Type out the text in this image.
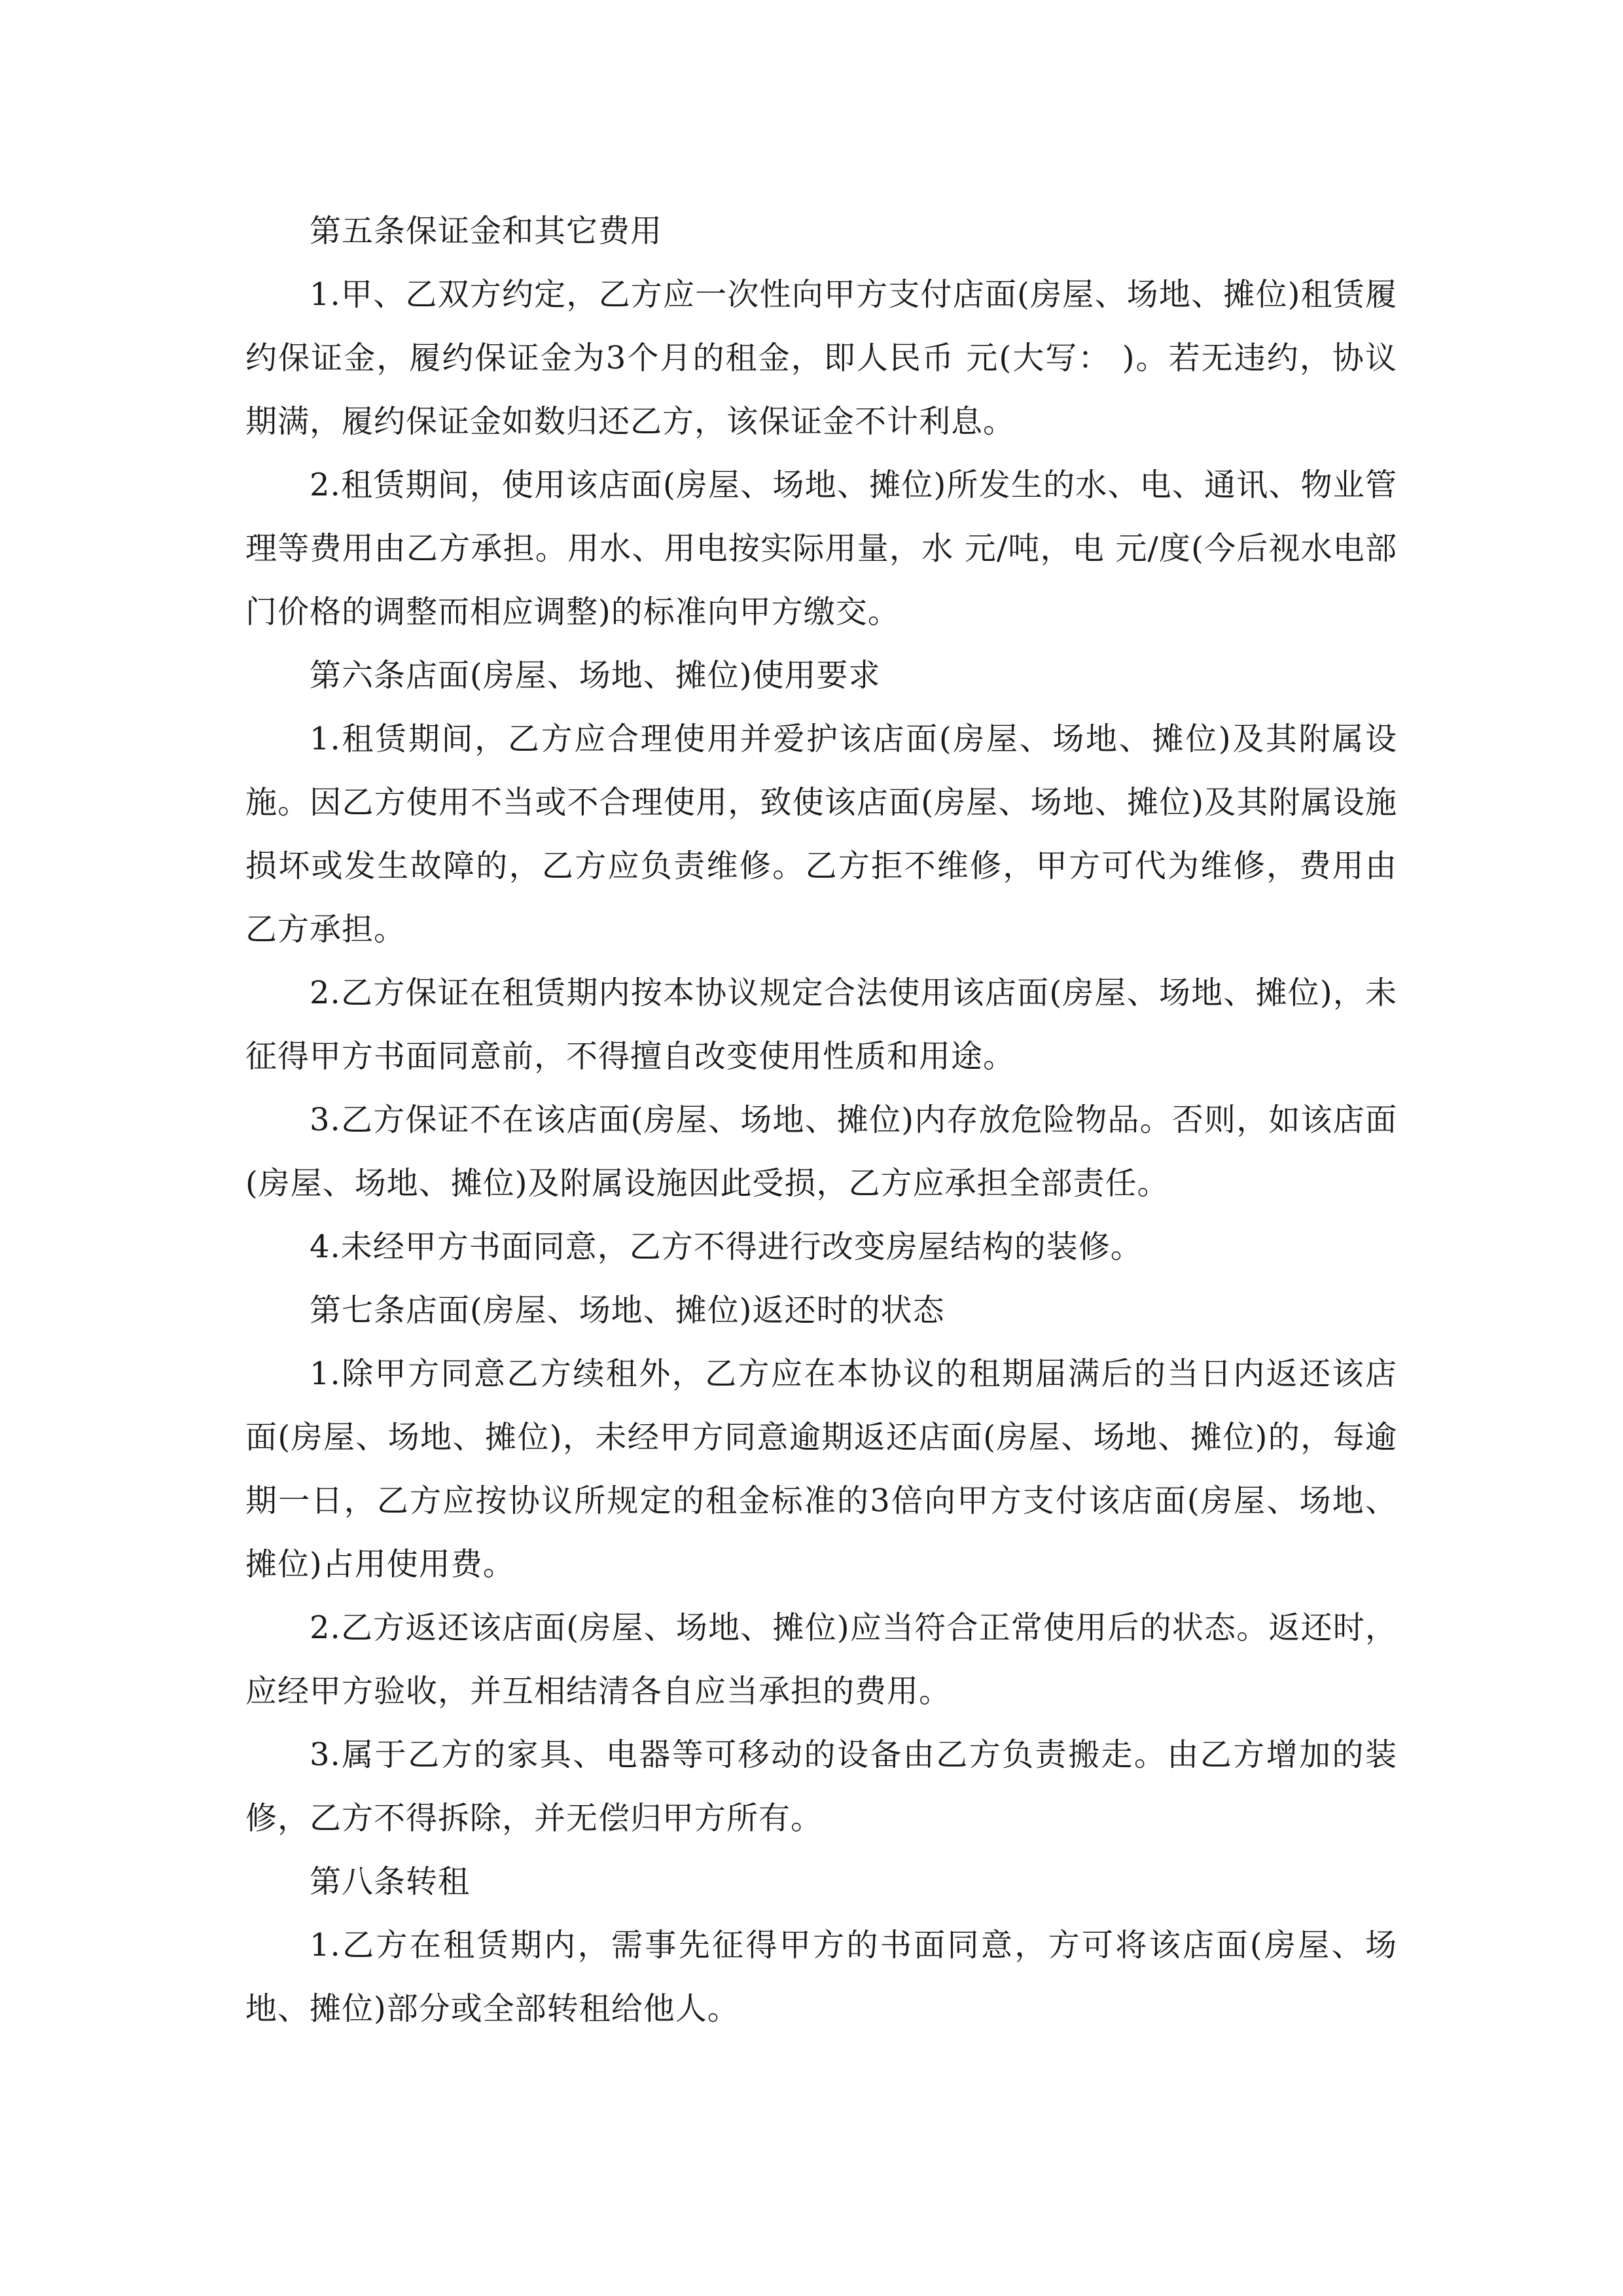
第五条保证金和其它费用

1.甲、乙双方约定，乙方应一次性向甲方支付店面(房屋、场地、摊位)租赁履约保证金，履约保证金为3个月的租金，即人民币 元(大写： )。若无违约，协议期满，履约保证金如数归还乙方，该保证金不计利息。

2.租赁期间，使用该店面(房屋、场地、摊位)所发生的水、电、通讯、物业管理等费用由乙方承担。用水、用电按实际用量，水 元/吨，电 元/度(今后视水电部门价格的调整而相应调整)的标准向甲方缴交。

第六条店面(房屋、场地、摊位)使用要求

1.租赁期间，乙方应合理使用并爱护该店面(房屋、场地、摊位)及其附属设施。因乙方使用不当或不合理使用，致使该店面(房屋、场地、摊位)及其附属设施损坏或发生故障的，乙方应负责维修。乙方拒不维修，甲方可代为维修，费用由乙方承担。

2.乙方保证在租赁期内按本协议规定合法使用该店面(房屋、场地、摊位)，未征得甲方书面同意前，不得擅自改变使用性质和用途。

3.乙方保证不在该店面(房屋、场地、摊位)内存放危险物品。否则，如该店面(房屋、场地、摊位)及附属设施因此受损，乙方应承担全部责任。

4.未经甲方书面同意，乙方不得进行改变房屋结构的装修。

第七条店面(房屋、场地、摊位)返还时的状态

1.除甲方同意乙方续租外，乙方应在本协议的租期届满后的当日内返还该店面(房屋、场地、摊位)，未经甲方同意逾期返还店面(房屋、场地、摊位)的，每逾期一日，乙方应按协议所规定的租金标准的3倍向甲方支付该店面(房屋、场地、摊位)占用使用费。

2.乙方返还该店面(房屋、场地、摊位)应当符合正常使用后的状态。返还时，应经甲方验收，并互相结清各自应当承担的费用。

3.属于乙方的家具、电器等可移动的设备由乙方负责搬走。由乙方增加的装修，乙方不得拆除，并无偿归甲方所有。

第八条转租

1.乙方在租赁期内，需事先征得甲方的书面同意，方可将该店面(房屋、场地、摊位)部分或全部转租给他人。
